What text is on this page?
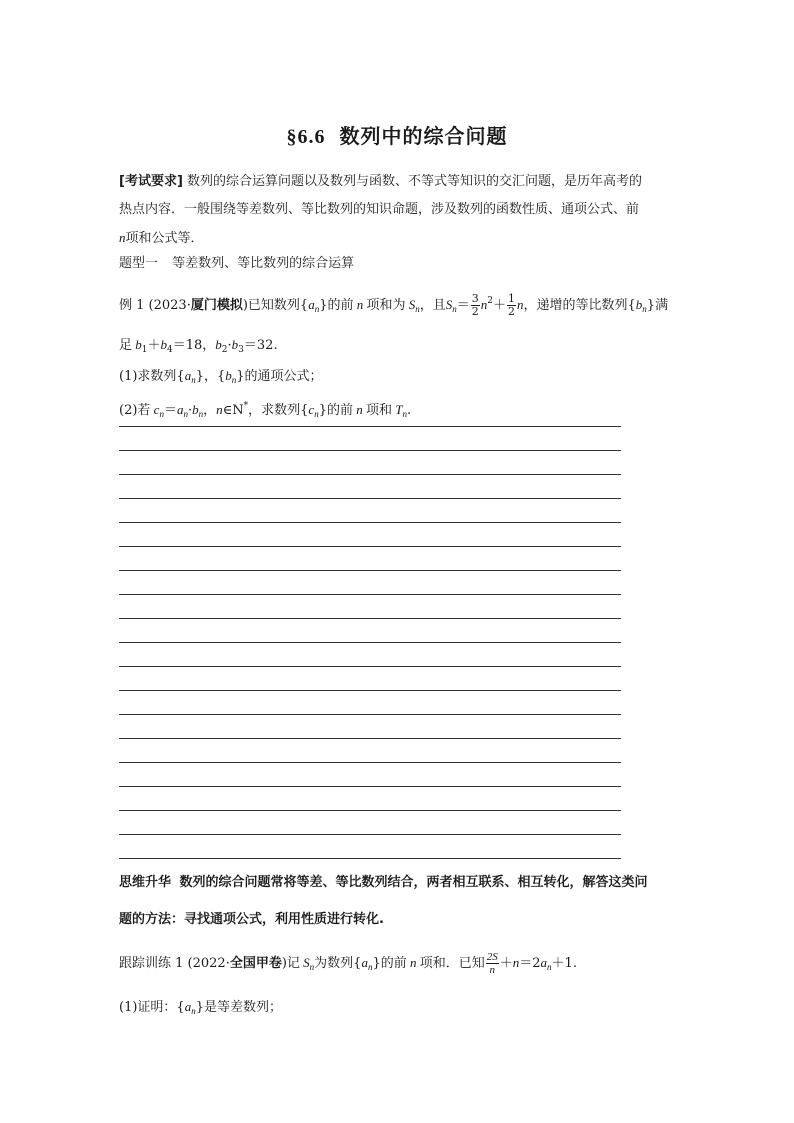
§6.6 数列中的综合问题
[考试要求] 数列的综合运算问题以及数列与函数、不等式等知识的交汇问题，是历年高考的
热点内容．一般围绕等差数列、等比数列的知识命题，涉及数列的函数性质、通项公式、前
n项和公式等．
题型一 等差数列、等比数列的综合运算
例 1 (2023·厦门模拟)已知数列$\{a_n\}$的前 n 项和为 $S_n$，且$S_n= \frac{3}{2} n^2+ \frac{1}{2}$ n，递增的等比数列$\{b_n\}$满
足 $b_1+b_4=18$，$b_2\cdot b_3=32$.
(1)求数列$\{a_n\}$，$\{b_n\}$的通项公式；
(2)若 $c_n=a_n\cdot b_n$，n∈N*，求数列$\{c_n\}$的前 n 项和 $T_n$.
思维升华 数列的综合问题常将等差、等比数列结合，两者相互联系、相互转化，解答这类问
题的方法：寻找通项公式，利用性质进行转化.
跟踪训练 1 (2022·全国甲卷)记 $S_n$为数列$\{a_n\}$的前 n 项和．已知 $\frac{2S}{n} +n=2a_n+1$.
(1)证明：$\{a_n\}$是等差数列；
